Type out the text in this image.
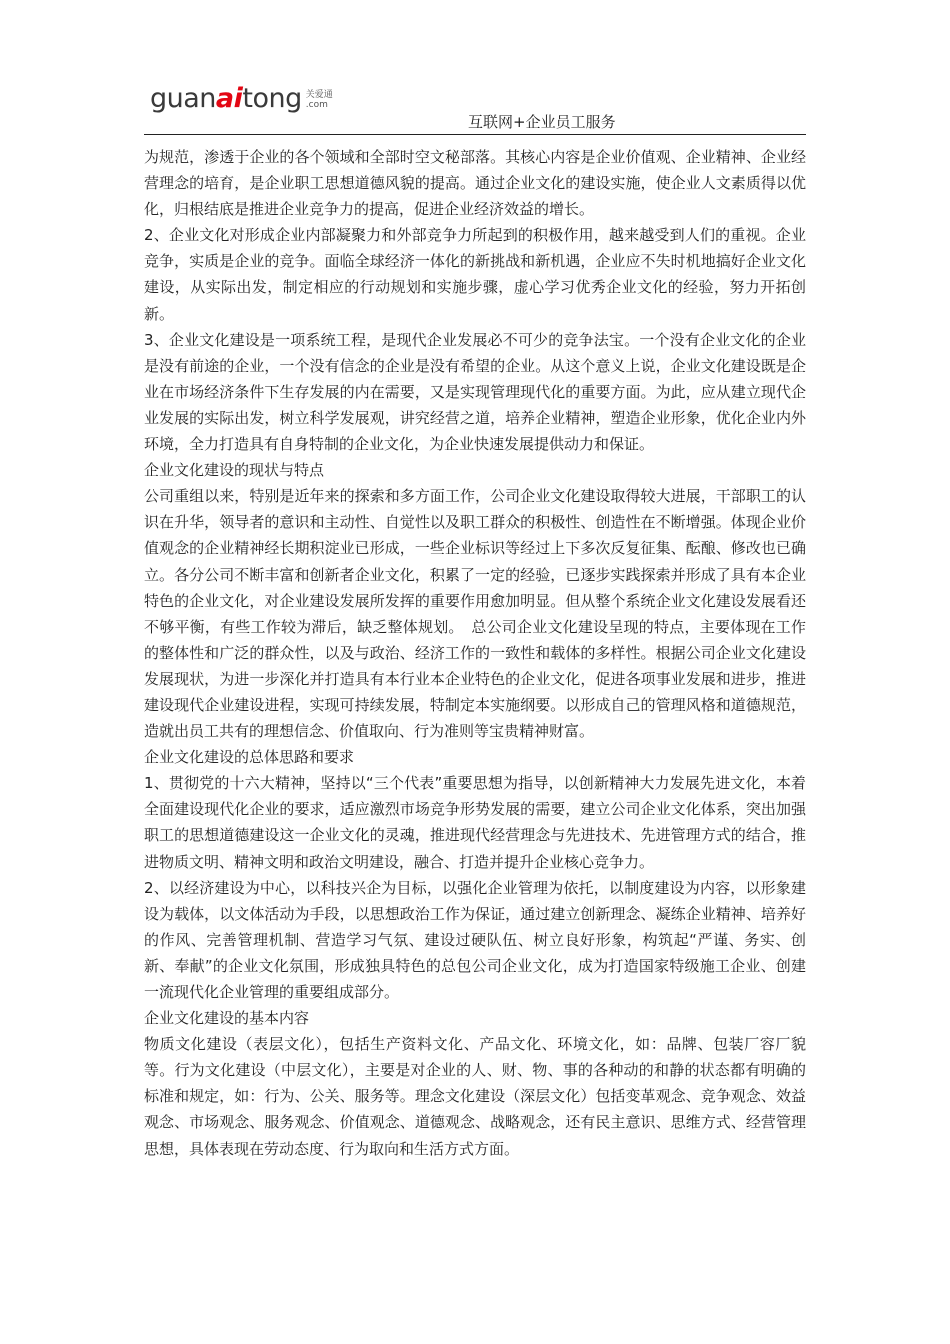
guanaitong 关爱通
.com
互联网+企业员工服务

为规范，渗透于企业的各个领域和全部时空文秘部落。其核心内容是企业价值观、企业精神、企业经营理念的培育，是企业职工思想道德风貌的提高。通过企业文化的建设实施，使企业人文素质得以优化，归根结底是推进企业竞争力的提高，促进企业经济效益的增长。

2、企业文化对形成企业内部凝聚力和外部竞争力所起到的积极作用，越来越受到人们的重视。企业竞争，实质是企业的竞争。面临全球经济一体化的新挑战和新机遇，企业应不失时机地搞好企业文化建设，从实际出发，制定相应的行动规划和实施步骤，虚心学习优秀企业文化的经验，努力开拓创新。

3、企业文化建设是一项系统工程，是现代企业发展必不可少的竞争法宝。一个没有企业文化的企业是没有前途的企业，一个没有信念的企业是没有希望的企业。从这个意义上说，企业文化建设既是企业在市场经济条件下生存发展的内在需要，又是实现管理现代化的重要方面。为此，应从建立现代企业发展的实际出发，树立科学发展观，讲究经营之道，培养企业精神，塑造企业形象，优化企业内外环境，全力打造具有自身特制的企业文化，为企业快速发展提供动力和保证。

企业文化建设的现状与特点

公司重组以来，特别是近年来的探索和多方面工作，公司企业文化建设取得较大进展，干部职工的认识在升华，领导者的意识和主动性、自觉性以及职工群众的积极性、创造性在不断增强。体现企业价值观念的企业精神经长期积淀业已形成，一些企业标识等经过上下多次反复征集、酝酿、修改也已确立。各分公司不断丰富和创新者企业文化，积累了一定的经验，已逐步实践探索并形成了具有本企业特色的企业文化，对企业建设发展所发挥的重要作用愈加明显。但从整个系统企业文化建设发展看还不够平衡，有些工作较为滞后，缺乏整体规划。　总公司企业文化建设呈现的特点，主要体现在工作的整体性和广泛的群众性，以及与政治、经济工作的一致性和载体的多样性。根据公司企业文化建设发展现状，为进一步深化并打造具有本行业本企业特色的企业文化，促进各项事业发展和进步，推进建设现代企业建设进程，实现可持续发展，特制定本实施纲要。以形成自己的管理风格和道德规范，造就出员工共有的理想信念、价值取向、行为准则等宝贵精神财富。

企业文化建设的总体思路和要求

1、贯彻党的十六大精神，坚持以“三个代表”重要思想为指导，以创新精神大力发展先进文化，本着全面建设现代化企业的要求，适应激烈市场竞争形势发展的需要，建立公司企业文化体系，突出加强职工的思想道德建设这一企业文化的灵魂，推进现代经营理念与先进技术、先进管理方式的结合，推进物质文明、精神文明和政治文明建设，融合、打造并提升企业核心竞争力。

2、以经济建设为中心，以科技兴企为目标，以强化企业管理为依托，以制度建设为内容，以形象建设为载体，以文体活动为手段，以思想政治工作为保证，通过建立创新理念、凝练企业精神、培养好的作风、完善管理机制、营造学习气氛、建设过硬队伍、树立良好形象，构筑起“严谨、务实、创新、奉献”的企业文化氛围，形成独具特色的总包公司企业文化，成为打造国家特级施工企业、创建一流现代化企业管理的重要组成部分。

企业文化建设的基本内容

物质文化建设（表层文化），包括生产资料文化、产品文化、环境文化，如：品牌、包装厂容厂貌等。行为文化建设（中层文化），主要是对企业的人、财、物、事的各种动的和静的状态都有明确的标准和规定，如：行为、公关、服务等。理念文化建设（深层文化）包括变革观念、竞争观念、效益观念、市场观念、服务观念、价值观念、道德观念、战略观念，还有民主意识、思维方式、经营管理思想，具体表现在劳动态度、行为取向和生活方式方面。
